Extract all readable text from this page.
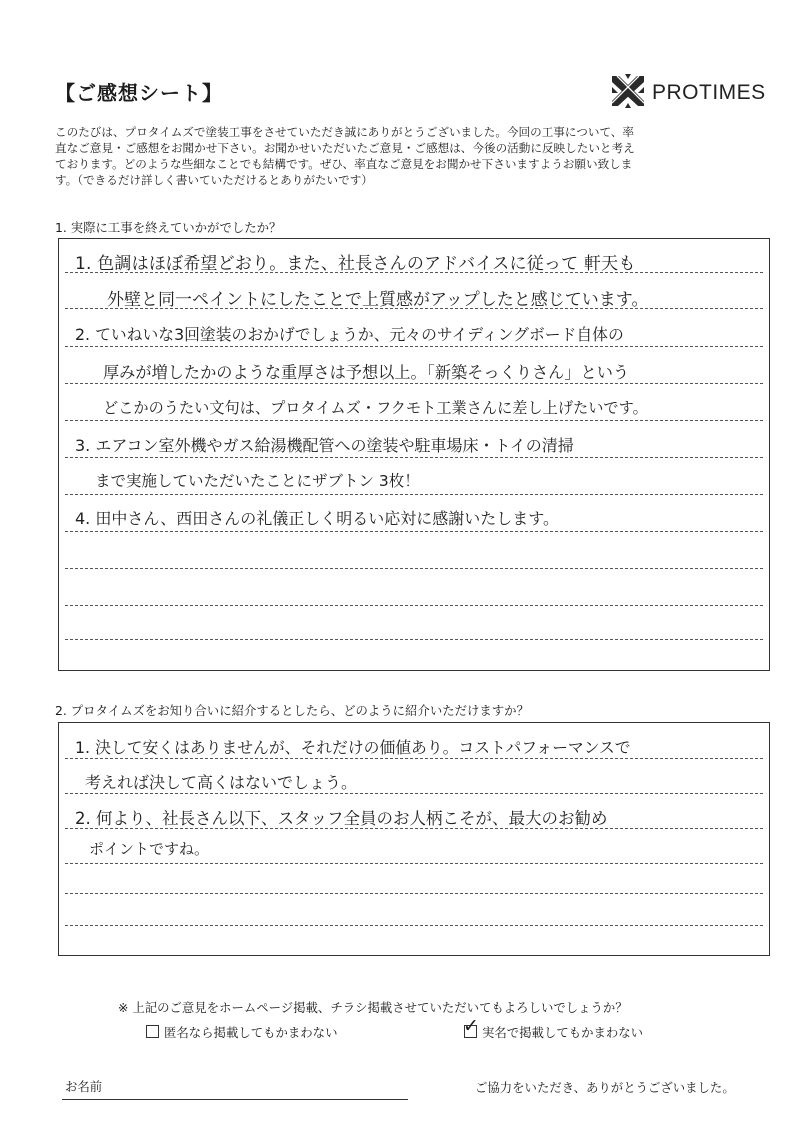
【ご感想シート】	PROTIMES
このたびは、プロタイムズで塗装工事をさせていただき誠にありがとうございました。今回の工事について、率
直なご意見・ご感想をお聞かせ下さい。お聞かせいただいたご意見・ご感想は、今後の活動に反映したいと考え
ております。どのような些細なことでも結構です。ぜひ、率直なご意見をお聞かせ下さいますようお願い致しま
す。（できるだけ詳しく書いていただけるとありがたいです）
1. 実際に工事を終えていかがでしたか？
1. 色調はほぼ希望どおり。また、社長さんのアドバイスに従って 軒天も
外壁と同一ペイントにしたことで上質感がアップしたと感じています。
2. ていねいな3回塗装のおかげでしょうか、元々のサイディングボード自体の
厚みが増したかのような重厚さは予想以上。「新築そっくりさん」という
どこかのうたい文句は、プロタイムズ・フクモト工業さんに差し上げたいです。
3. エアコン室外機やガス給湯機配管への塗装や駐車場床・トイの清掃
まで実施していただいたことにザブトン 3枚！
4. 田中さん、西田さんの礼儀正しく明るい応対に感謝いたします。
2. プロタイムズをお知り合いに紹介するとしたら、どのように紹介いただけますか？
1. 決して安くはありませんが、それだけの価値あり。コストパフォーマンスで
考えれば決して高くはないでしょう。
2. 何より、社長さん以下、スタッフ全員のお人柄こそが、最大のお勧め
ポイントですね。
※ 上記のご意見をホームページ掲載、チラシ掲載させていただいてもよろしいでしょうか？
匿名なら掲載してもかまわない	✓ 実名で掲載してもかまわない
お名前	ご協力をいただき、ありがとうございました。
